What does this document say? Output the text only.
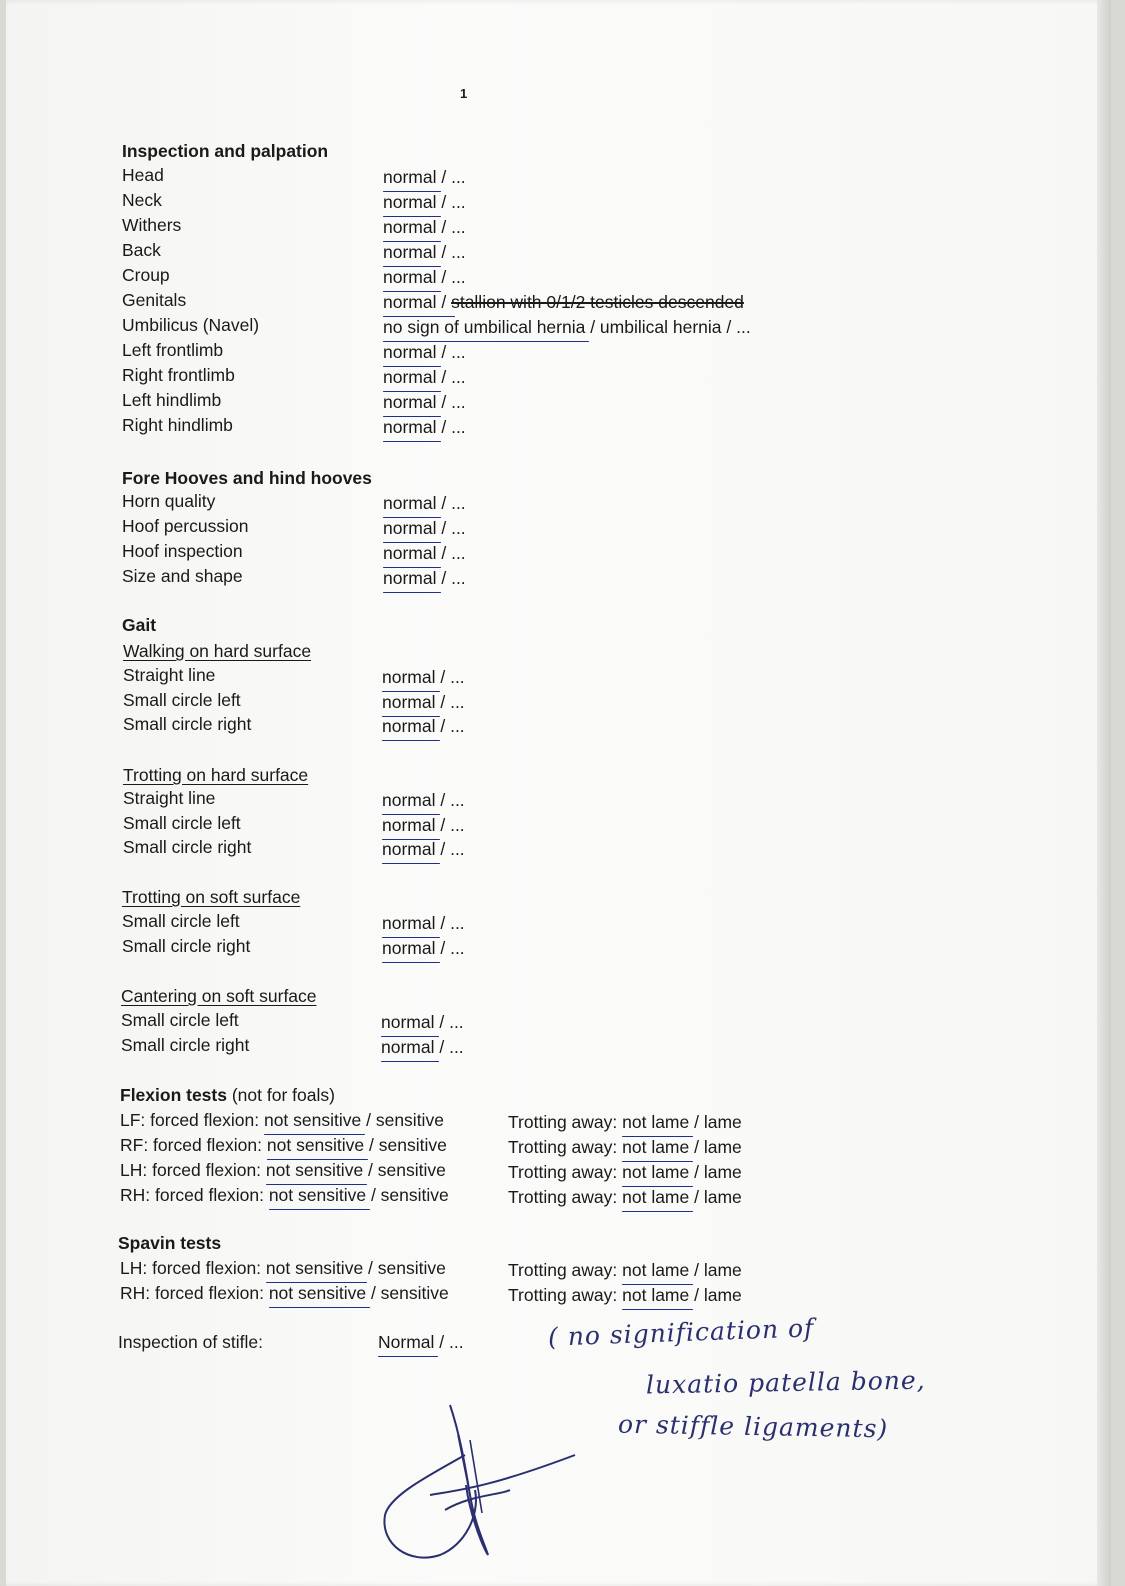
1
Inspection and palpation
Head	normal / ...
Neck	normal / ...
Withers	normal / ...
Back	normal / ...
Croup	normal / ...
Genitals	normal / stallion with 0/1/2 testicles descended
Umbilicus (Navel)	no sign of umbilical hernia / umbilical hernia / ...
Left frontlimb	normal / ...
Right frontlimb	normal / ...
Left hindlimb	normal / ...
Right hindlimb	normal / ...
Fore Hooves and hind hooves
Horn quality	normal / ...
Hoof percussion	normal / ...
Hoof inspection	normal / ...
Size and shape	normal / ...
Gait
Walking on hard surface
Straight line	normal / ...
Small circle left	normal / ...
Small circle right	normal / ...
Trotting on hard surface
Straight line	normal / ...
Small circle left	normal / ...
Small circle right	normal / ...
Trotting on soft surface
Small circle left	normal / ...
Small circle right	normal / ...
Cantering on soft surface
Small circle left	normal / ...
Small circle right	normal / ...
Flexion tests (not for foals)
LF: forced flexion: not sensitive / sensitive	Trotting away: not lame / lame
RF: forced flexion: not sensitive / sensitive	Trotting away: not lame / lame
LH: forced flexion: not sensitive / sensitive	Trotting away: not lame / lame
RH: forced flexion: not sensitive / sensitive	Trotting away: not lame / lame
Spavin tests
LH: forced flexion: not sensitive / sensitive	Trotting away: not lame / lame
RH: forced flexion: not sensitive / sensitive	Trotting away: not lame / lame
Inspection of stifle:	Normal / ...	( no signification of
luxatio patella bone,
or stiffle ligaments)
